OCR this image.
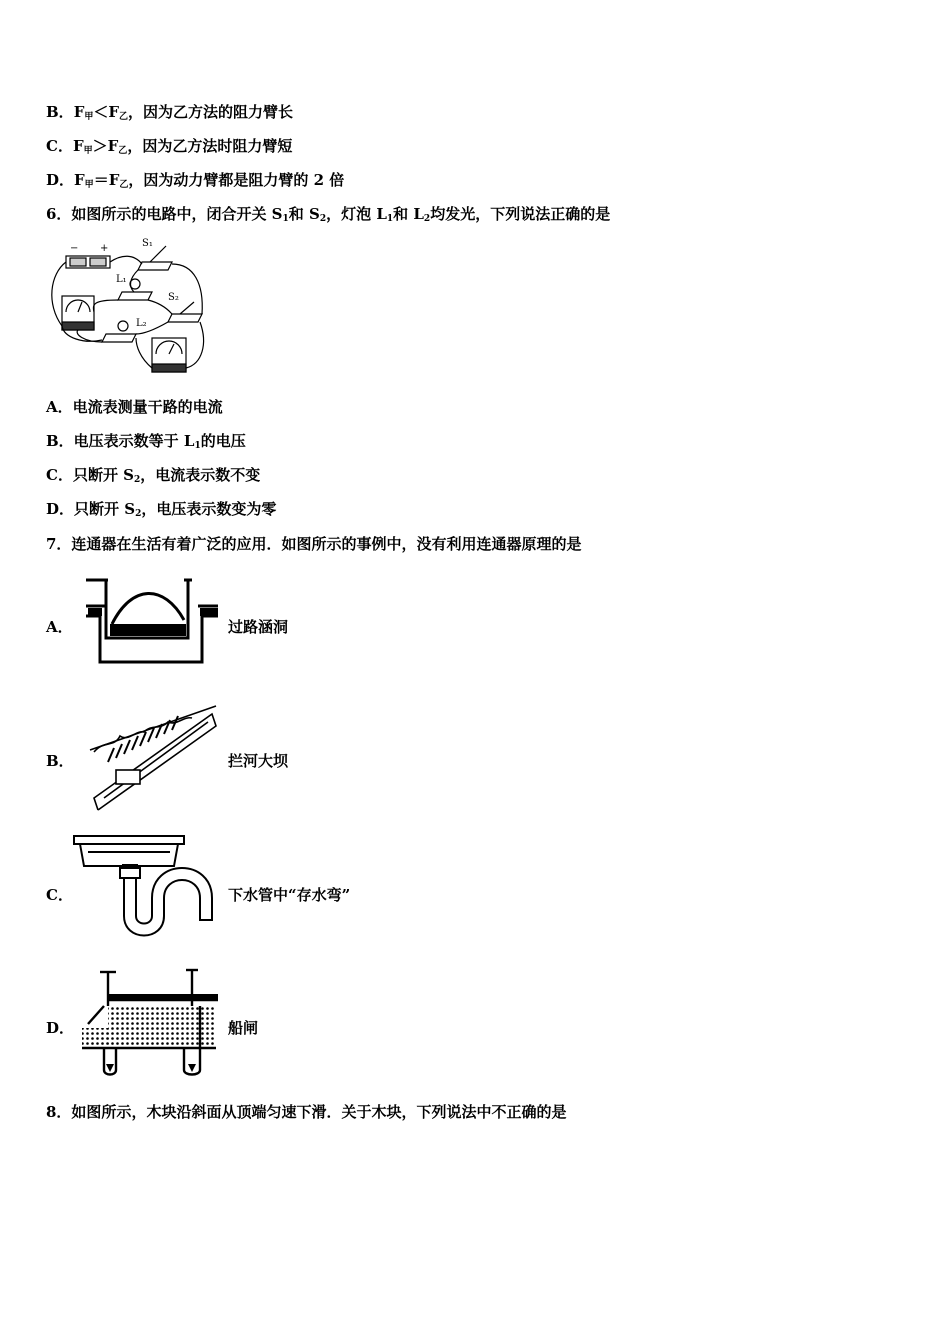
B．$F_甲<F_乙$，因为乙方法的阻力臂长
C．$F_甲>F_乙$，因为乙方法时阻力臂短
D．$F_甲=F_乙$，因为动力臂都是阻力臂的 2 倍
6．如图所示的电路中，闭合开关 $S_1$和 $S_2$，灯泡 $L_1$和 $L_2$均发光，下列说法正确的是
− +	S₁
L₁
S₂
L₂
A．电流表测量干路的电流
B．电压表示数等于 $L_1$的电压
C．只断开 $S_2$，电流表示数不变
D．只断开 $S_2$，电压表示数变为零
7．连通器在生活有着广泛的应用．如图所示的事例中，没有利用连通器原理的是
A．	过路涵洞
B．	拦河大坝
C．	下水管中“存水弯”
D．	船闸
8．如图所示，木块沿斜面从顶端匀速下滑．关于木块，下列说法中不正确的是
